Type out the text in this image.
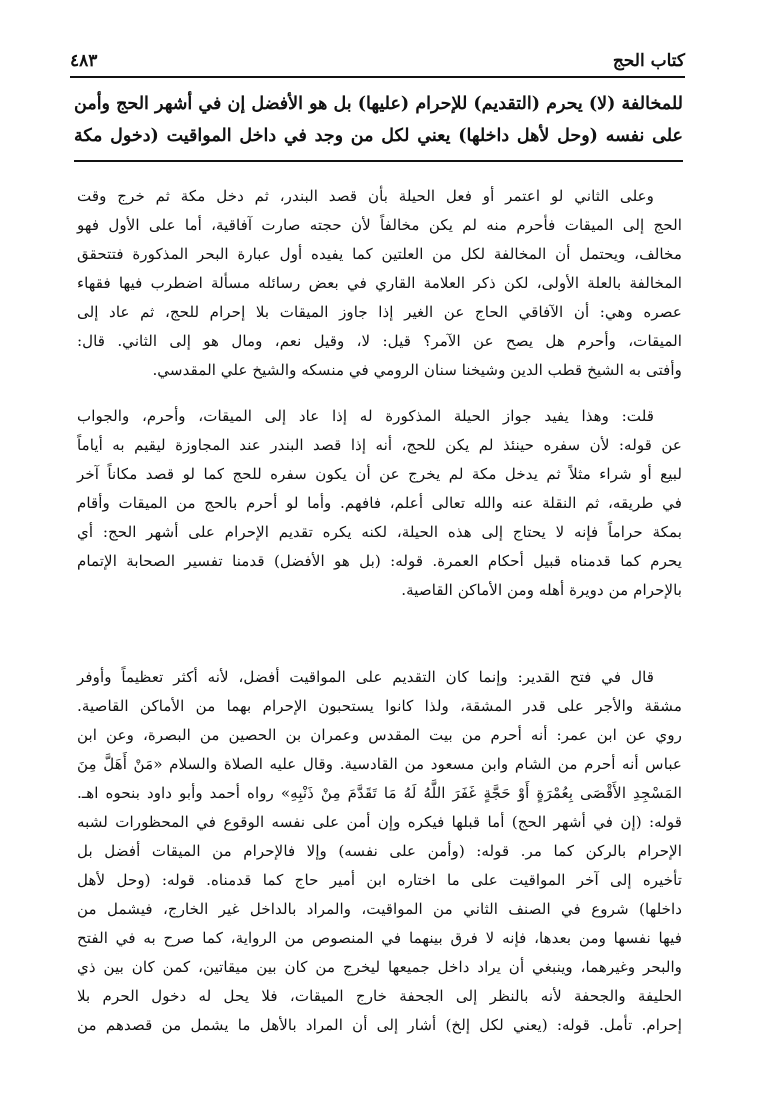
كتاب الحج
٤٨٣
للمخالفة (لا) يحرم (التقديم) للإحرام (عليها) بل هو الأفضل إن في أشهر الحج وأمن
على نفسه (وحل لأهل داخلها) يعني لكل من وجد في داخل المواقيت (دخول مكة
وعلى الثاني لو اعتمر أو فعل الحيلة بأن قصد البندر، ثم دخل مكة ثم خرج وقت
الحج إلى الميقات فأحرم منه لم يكن مخالفاً لأن حجته صارت آفاقية، أما على الأول فهو
مخالف، ويحتمل أن المخالفة لكل من العلتين كما يفيده أول عبارة البحر المذكورة فتتحقق
المخالفة بالعلة الأولى، لكن ذكر العلامة القاري في بعض رسائله مسألة اضطرب فيها فقهاء
عصره وهي: أن الآفاقي الحاج عن الغير إذا جاوز الميقات بلا إحرام للحج، ثم عاد إلى
الميقات، وأحرم هل يصح عن الآمر؟ قيل: لا، وقيل نعم، ومال هو إلى الثاني. قال:
وأفتى به الشيخ قطب الدين وشيخنا سنان الرومي في منسكه والشيخ علي المقدسي.
قلت: وهذا يفيد جواز الحيلة المذكورة له إذا عاد إلى الميقات، وأحرم، والجواب
عن قوله: لأن سفره حينئذ لم يكن للحج، أنه إذا قصد البندر عند المجاوزة ليقيم به أياماً
لبيع أو شراء مثلاً ثم يدخل مكة لم يخرج عن أن يكون سفره للحج كما لو قصد مكاناً آخر
في طريقه، ثم النقلة عنه والله تعالى أعلم، فافهم. وأما لو أحرم بالحج من الميقات وأقام
بمكة حراماً فإنه لا يحتاج إلى هذه الحيلة، لكنه يكره تقديم الإحرام على أشهر الحج: أي
يحرم كما قدمناه قبيل أحكام العمرة. قوله: (بل هو الأفضل) قدمنا تفسير الصحابة الإتمام
بالإحرام من دويرة أهله ومن الأماكن القاصية.
قال في فتح القدير: وإنما كان التقديم على المواقيت أفضل، لأنه أكثر تعظيماً وأوفر
مشقة والأجر على قدر المشقة، ولذا كانوا يستحبون الإحرام بهما من الأماكن القاصية.
روي عن ابن عمر: أنه أحرم من بيت المقدس وعمران بن الحصين من البصرة، وعن ابن
عباس أنه أحرم من الشام وابن مسعود من القادسية. وقال عليه الصلاة والسلام «مَنْ أَهَلَّ مِنَ
المَسْجِدِ الأَقْصَى بِعُمْرَةٍ أَوْ حَجَّةٍ غَفَرَ اللَّهُ لَهُ مَا تَقَدَّمَ مِنْ ذَنْبِهِ» رواه أحمد وأبو داود بنحوه اهـ.
قوله: (إن في أشهر الحج) أما قبلها فيكره وإن أمن على نفسه الوقوع في المحظورات لشبه
الإحرام بالركن كما مر. قوله: (وأمن على نفسه) وإلا فالإحرام من الميقات أفضل بل
تأخيره إلى آخر المواقيت على ما اختاره ابن أمير حاج كما قدمناه. قوله: (وحل لأهل
داخلها) شروع في الصنف الثاني من المواقيت، والمراد بالداخل غير الخارج، فيشمل من
فيها نفسها ومن بعدها، فإنه لا فرق بينهما في المنصوص من الرواية، كما صرح به في الفتح
والبحر وغيرهما، وينبغي أن يراد داخل جميعها ليخرج من كان بين ميقاتين، كمن كان بين ذي
الحليفة والجحفة لأنه بالنظر إلى الجحفة خارج الميقات، فلا يحل له دخول الحرم بلا
إحرام. تأمل. قوله: (يعني لكل إلخ) أشار إلى أن المراد بالأهل ما يشمل من قصدهم من
